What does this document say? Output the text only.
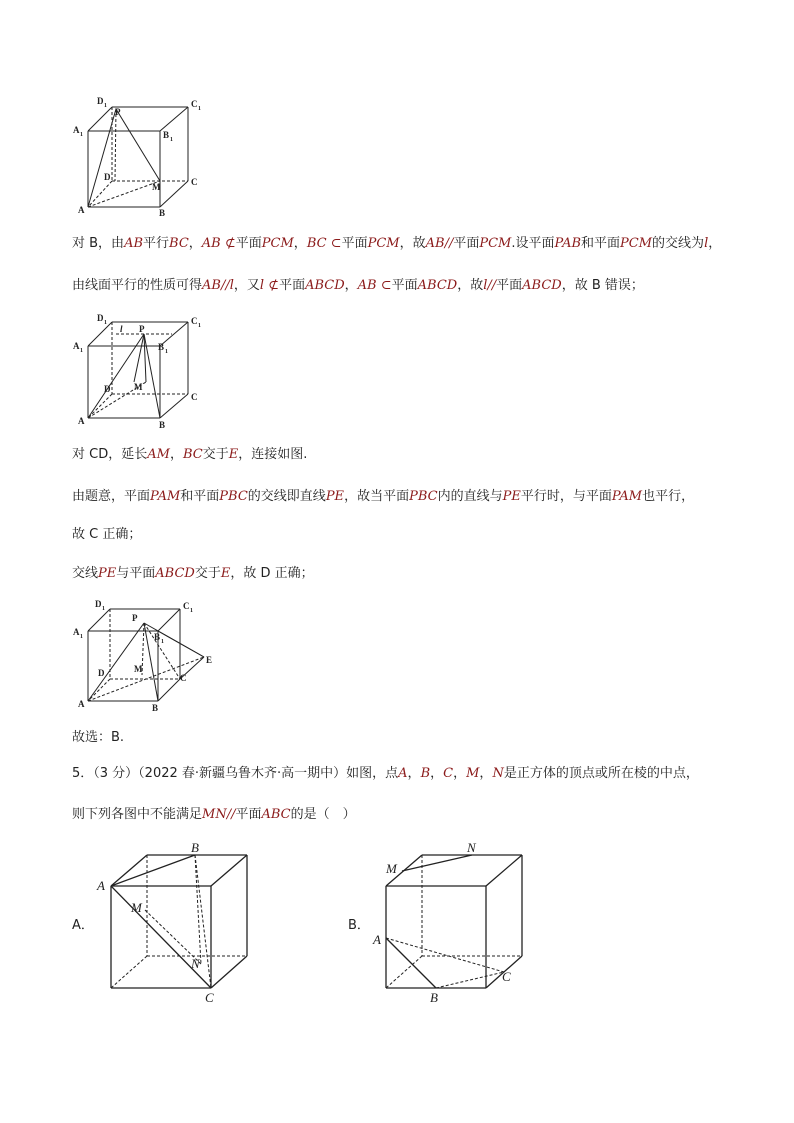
D 1	C 1
A 1	B 1
P
D
M	C
A	B
对 B，由AB平行BC，AB ⊄平面PCM，BC ⊂平面PCM，故AB//平面PCM.设平面PAB和平面PCM的交线为l，
由线面平行的性质可得AB//l，又l ⊄平面ABCD，AB ⊂平面ABCD，故l//平面ABCD，故 B 错误；
D 1	C 1
A 1	B 1
P
l
D	M
C
A	B
对 CD，延长AM，BC交于E，连接如图.
由题意，平面PAM和平面PBC的交线即直线PE，故当平面PBC内的直线与PE平行时，与平面PAM也平行，
故 C 正确；
交线PE与平面ABCD交于E，故 D 正确；
D 1	C 1
A 1	B 1
P
D	M
C
A	B
E
故选：B.
5．（3 分）（2022 春·新疆乌鲁木齐·高一期中）如图，点A，B，C，M，N是正方体的顶点或所在棱的中点，
则下列各图中不能满足MN//平面ABC的是（　）
A．
A
B
M
N
C
B．
M
N
A
B
C
